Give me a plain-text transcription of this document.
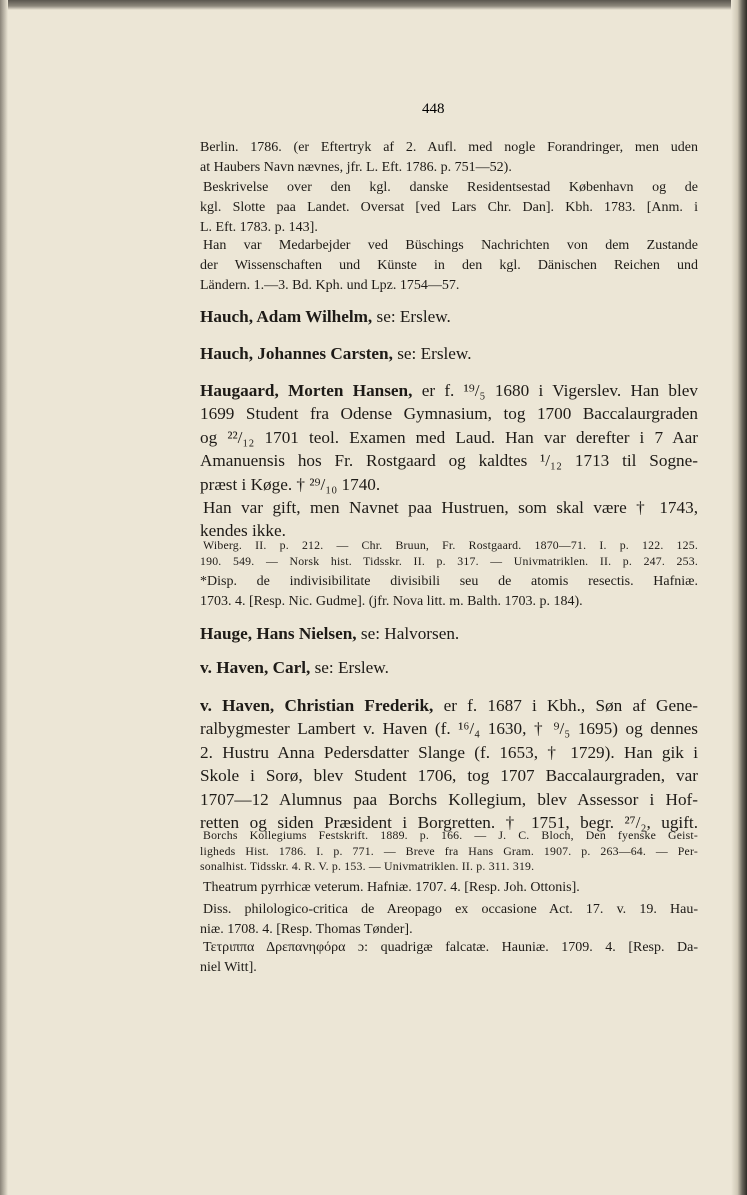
448
Berlin. 1786. (er Eftertryk af 2. Aufl. med nogle Forandringer, men uden
at Haubers Navn nævnes, jfr. L. Eft. 1786. p. 751—52).
Beskrivelse over den kgl. danske Residentsestad København og de
kgl. Slotte paa Landet. Oversat [ved Lars Chr. Dan]. Kbh. 1783. [Anm. i
L. Eft. 1783. p. 143].
Han var Medarbejder ved Büschings Nachrichten von dem Zustande
der Wissenschaften und Künste in den kgl. Dänischen Reichen und
Ländern. 1.—3. Bd. Kph. und Lpz. 1754—57.
Hauch, Adam Wilhelm, se: Erslew.
Hauch, Johannes Carsten, se: Erslew.
Haugaard, Morten Hansen, er f. ¹⁹/₅ 1680 i Vigerslev. Han blev
1699 Student fra Odense Gymnasium, tog 1700 Baccalaurgraden
og ²²/₁₂ 1701 teol. Examen med Laud. Han var derefter i 7 Aar
Amanuensis hos Fr. Rostgaard og kaldtes ¹/₁₂ 1713 til Sogne-
præst i Køge. † ²⁹/₁₀ 1740.
Han var gift, men Navnet paa Hustruen, som skal være † 1743,
kendes ikke.
Wiberg. II. p. 212. — Chr. Bruun, Fr. Rostgaard. 1870—71. I. p. 122. 125.
190. 549. — Norsk hist. Tidsskr. II. p. 317. — Univmatriklen. II. p. 247. 253.
*Disp. de indivisibilitate divisibili seu de atomis resectis. Hafniæ.
1703. 4. [Resp. Nic. Gudme]. (jfr. Nova litt. m. Balth. 1703. p. 184).
Hauge, Hans Nielsen, se: Halvorsen.
v. Haven, Carl, se: Erslew.
v. Haven, Christian Frederik, er f. 1687 i Kbh., Søn af Gene-
ralbygmester Lambert v. Haven (f. ¹⁶/₄ 1630, † ⁹/₅ 1695) og dennes
2. Hustru Anna Pedersdatter Slange (f. 1653, † 1729). Han gik i
Skole i Sorø, blev Student 1706, tog 1707 Baccalaurgraden, var
1707—12 Alumnus paa Borchs Kollegium, blev Assessor i Hof-
retten og siden Præsident i Borgretten. † 1751, begr. ²⁷/₂, ugift.
Borchs Kollegiums Festskrift. 1889. p. 166. — J. C. Bloch, Den fyenske Geist-
ligheds Hist. 1786. I. p. 771. — Breve fra Hans Gram. 1907. p. 263—64. — Per-
sonalhist. Tidsskr. 4. R. V. p. 153. — Univmatriklen. II. p. 311. 319.
Theatrum pyrrhicæ veterum. Hafniæ. 1707. 4. [Resp. Joh. Ottonis].
Diss. philologico-critica de Areopago ex occasione Act. 17. v. 19. Hau-
niæ. 1708. 4. [Resp. Thomas Tønder].
Τετριππα Δρεπανηφόρα ɔ: quadrigæ falcatæ. Hauniæ. 1709. 4. [Resp. Da-
niel Witt].
